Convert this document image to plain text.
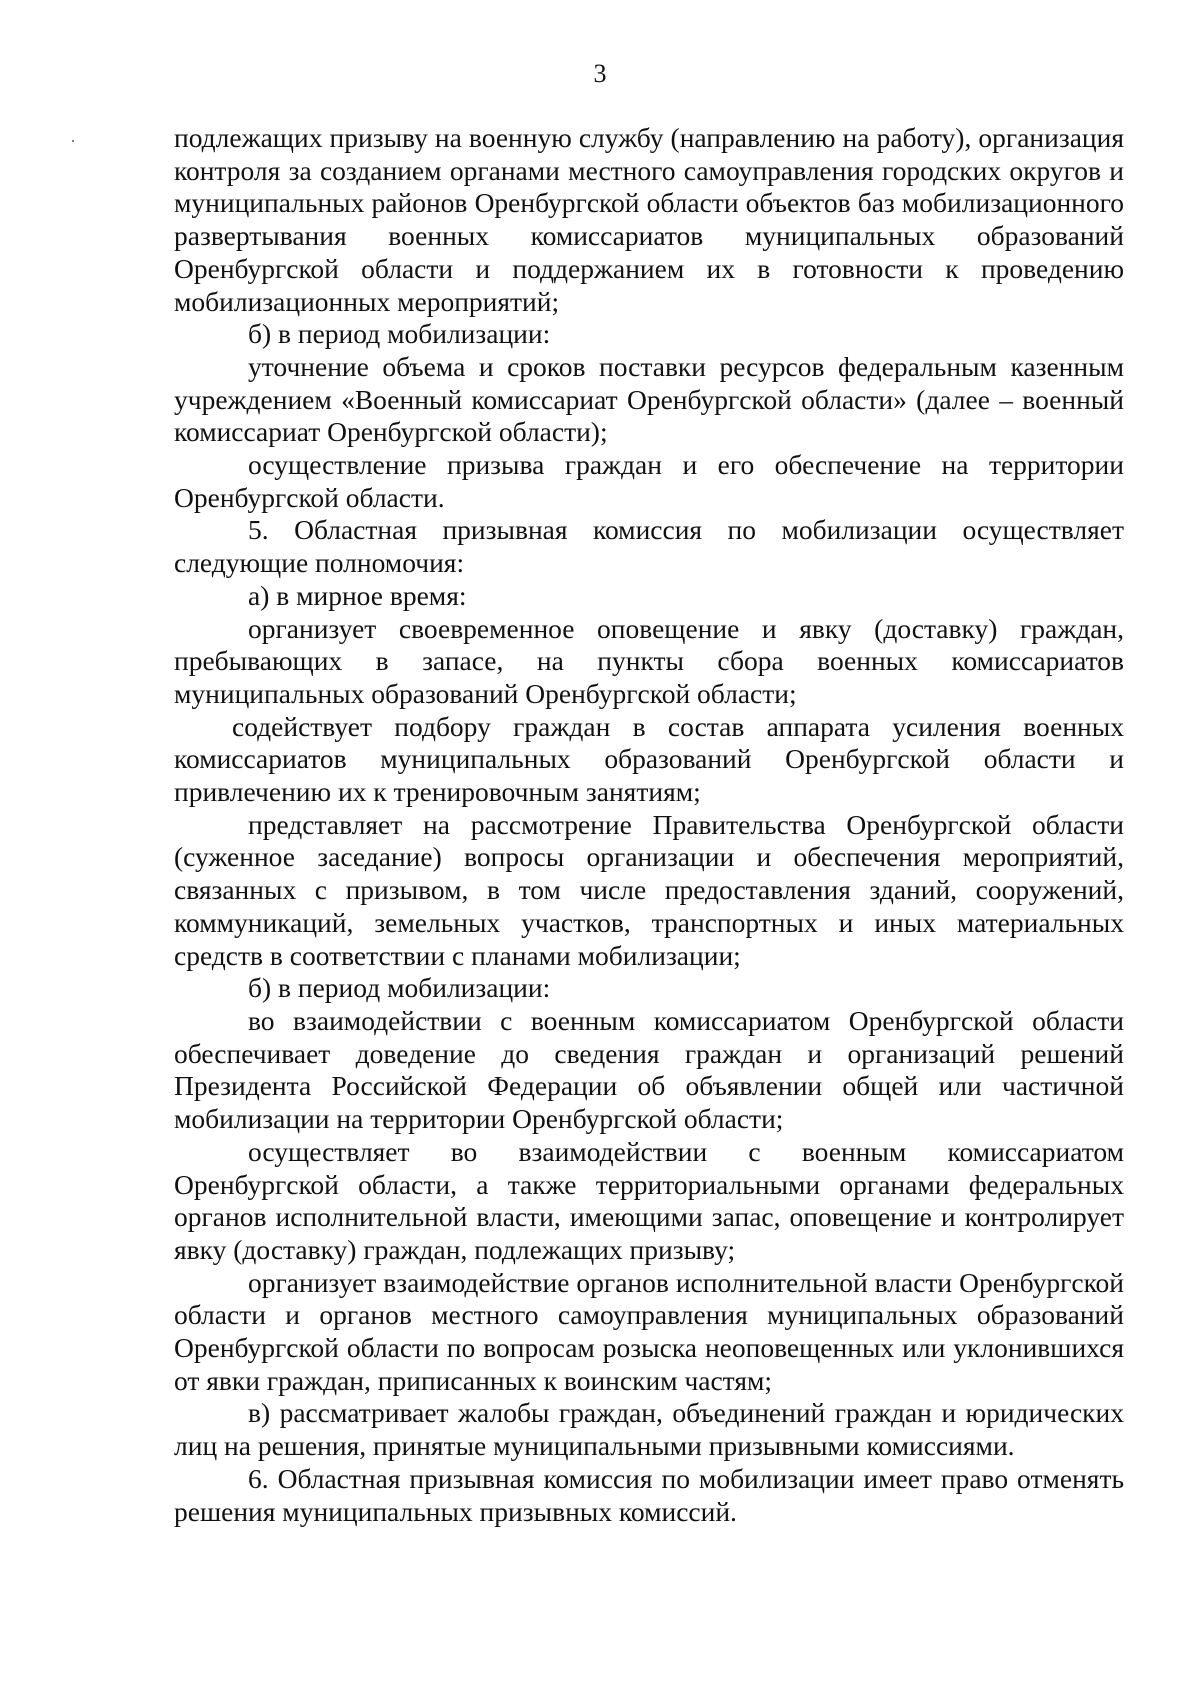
3

подлежащих призыву на военную службу (направлению на работу), организация контроля за созданием органами местного самоуправления городских округов и муниципальных районов Оренбургской области объектов баз мобилизационного развертывания военных комиссариатов муниципальных образований Оренбургской области и поддержанием их в готовности к проведению мобилизационных мероприятий;

б) в период мобилизации:

уточнение объема и сроков поставки ресурсов федеральным казенным учреждением «Военный комиссариат Оренбургской области» (далее – военный комиссариат Оренбургской области);

осуществление призыва граждан и его обеспечение на территории Оренбургской области.

5. Областная призывная комиссия по мобилизации осуществляет следующие полномочия:

а) в мирное время:

организует своевременное оповещение и явку (доставку) граждан, пребывающих в запасе, на пункты сбора военных комиссариатов муниципальных образований Оренбургской области;

содействует подбору граждан в состав аппарата усиления военных комиссариатов муниципальных образований Оренбургской области и привлечению их к тренировочным занятиям;

представляет на рассмотрение Правительства Оренбургской области (суженное заседание) вопросы организации и обеспечения мероприятий, связанных с призывом, в том числе предоставления зданий, сооружений, коммуникаций, земельных участков, транспортных и иных материальных средств в соответствии с планами мобилизации;

б) в период мобилизации:

во взаимодействии с военным комиссариатом Оренбургской области обеспечивает доведение до сведения граждан и организаций решений Президента Российской Федерации об объявлении общей или частичной мобилизации на территории Оренбургской области;

осуществляет во взаимодействии с военным комиссариатом Оренбургской области, а также территориальными органами федеральных органов исполнительной власти, имеющими запас, оповещение и контролирует явку (доставку) граждан, подлежащих призыву;

организует взаимодействие органов исполнительной власти Оренбургской области и органов местного самоуправления муниципальных образований Оренбургской области по вопросам розыска неоповещенных или уклонившихся от явки граждан, приписанных к воинским частям;

в) рассматривает жалобы граждан, объединений граждан и юридических лиц на решения, принятые муниципальными призывными комиссиями.

6. Областная призывная комиссия по мобилизации имеет право отменять решения муниципальных призывных комиссий.
